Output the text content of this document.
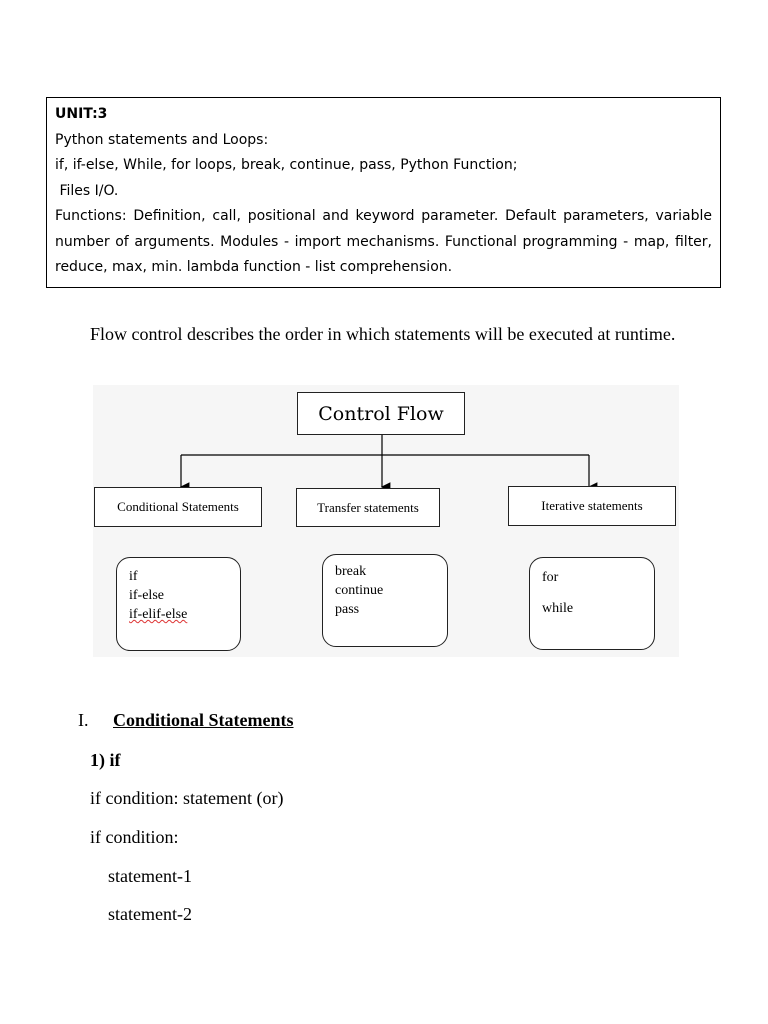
UNIT:3
Python statements and Loops:
if, if-else, While, for loops, break, continue, pass, Python Function;
Files I/O.
Functions: Definition, call, positional and keyword parameter. Default parameters, variable number of arguments. Modules - import mechanisms. Functional programming - map, filter, reduce, max, min. lambda function - list comprehension.

Flow control describes the order in which statements will be executed at runtime.

Control Flow
Conditional Statements	Transfer statements	Iterative statements
if
if-else
if-elif-else
break
continue
pass
for
while
I. Conditional Statements
1) if
if condition: statement (or)
if condition:
statement-1
statement-2
